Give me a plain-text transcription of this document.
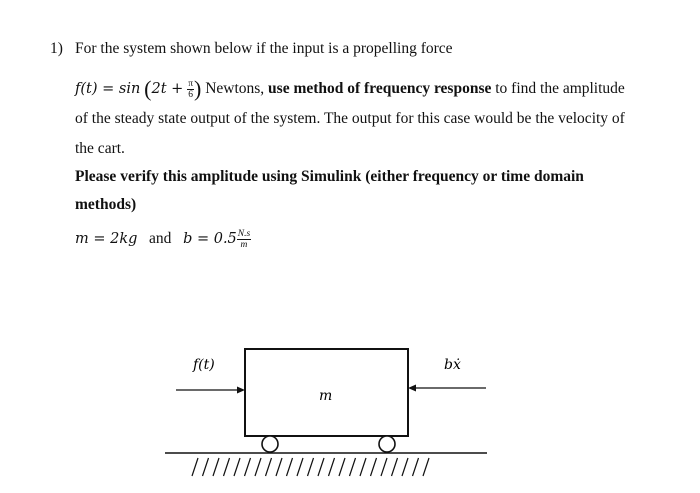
1) For the system shown below if the input is a propelling force
$f(t) = \sin (2t + \frac{\pi}{6}$ ) Newtons, use method of frequency response to find the amplitude
of the steady state output of the system. The output for this case would be the velocity of
the cart.
Please verify this amplitude using Simulink (either frequency or time domain
methods)
m = 2kg and $b = 0.5 \frac{N.s}{m}$
f(t)	bẋ
m
